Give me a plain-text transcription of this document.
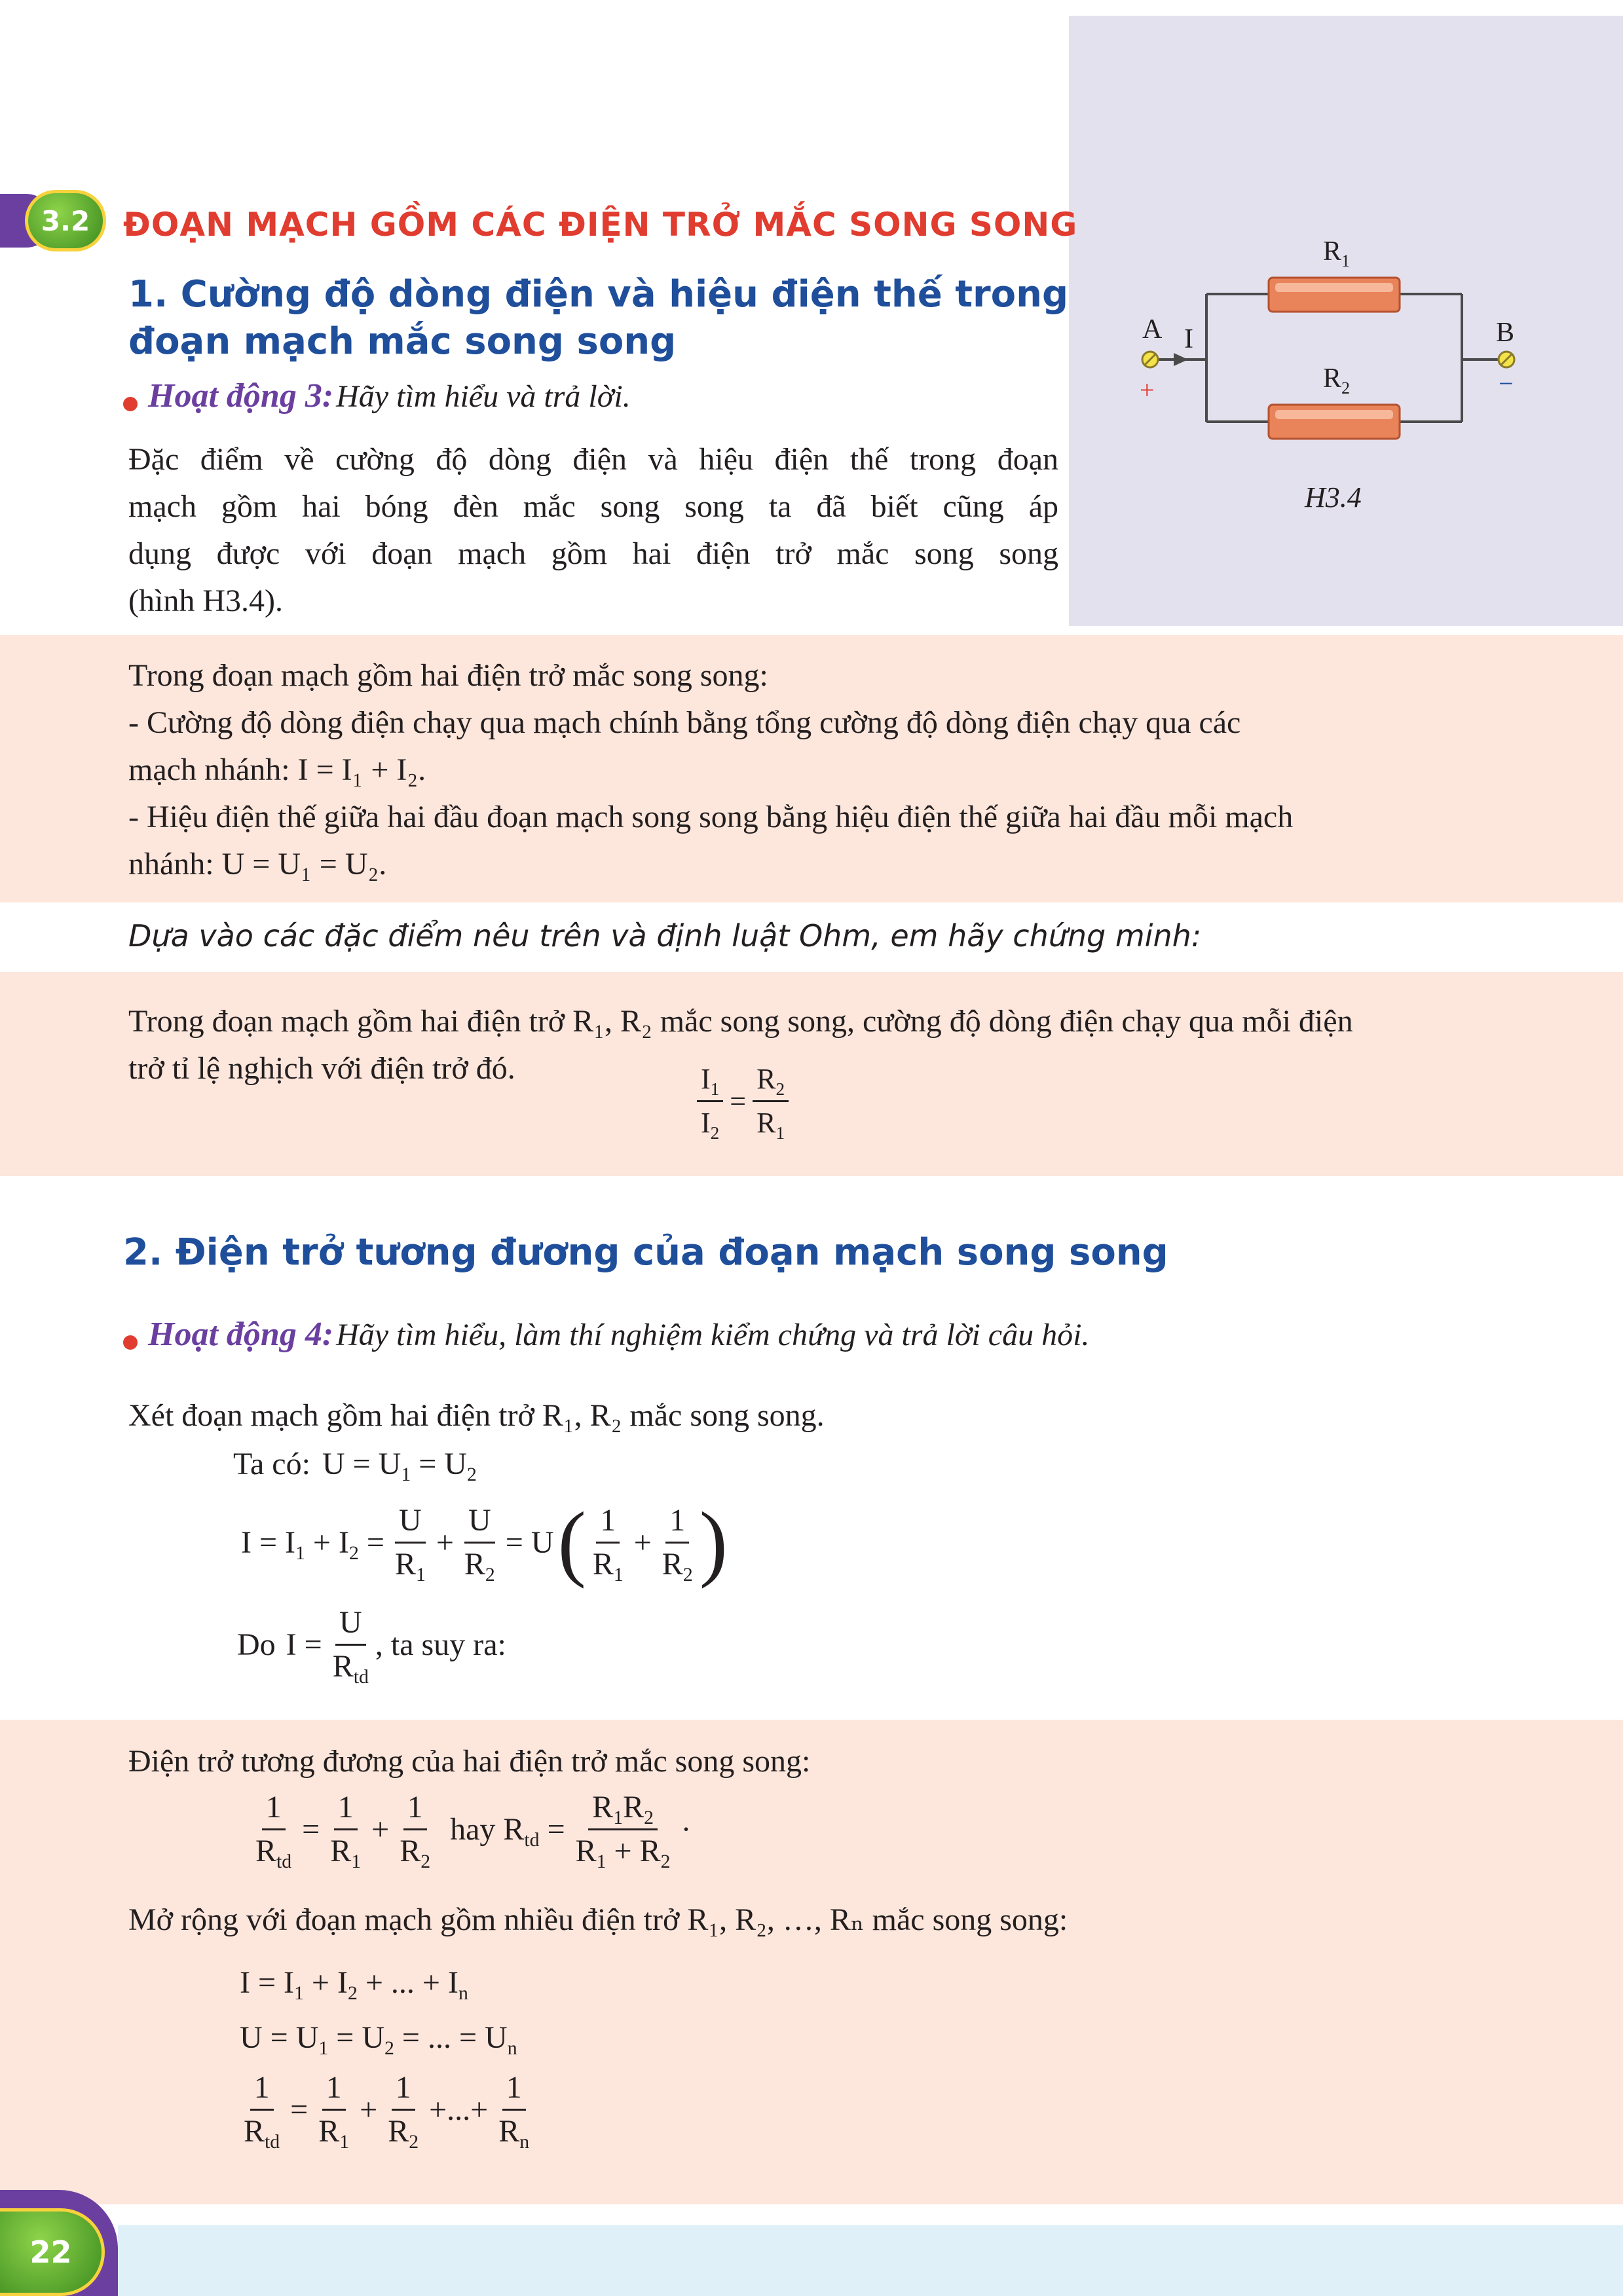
A I
+
B
−
$R_1$
$R_2$
H3.4
3.2 ĐOẠN MẠCH GỒM CÁC ĐIỆN TRỞ MẮC SONG SONG
1. Cường độ dòng điện và hiệu điện thế trong
đoạn mạch mắc song song
Hoạt động 3: Hãy tìm hiểu và trả lời.
Đặc điểm về cường độ dòng điện và hiệu điện thế trong đoạn
mạch gồm hai bóng đèn mắc song song ta đã biết cũng áp
dụng được với đoạn mạch gồm hai điện trở mắc song song
(hình H3.4).
Trong đoạn mạch gồm hai điện trở mắc song song:
- Cường độ dòng điện chạy qua mạch chính bằng tổng cường độ dòng điện chạy qua các
mạch nhánh: I = I₁ + I₂.
- Hiệu điện thế giữa hai đầu đoạn mạch song song bằng hiệu điện thế giữa hai đầu mỗi mạch
nhánh: U = U₁ = U₂.
Dựa vào các đặc điểm nêu trên và định luật Ohm, em hãy chứng minh:
Trong đoạn mạch gồm hai điện trở R₁, R₂ mắc song song, cường độ dòng điện chạy qua mỗi điện
trở tỉ lệ nghịch với điện trở đó.	$\frac{I_1}{I_2} = \frac{R_2}{R_1}$
2. Điện trở tương đương của đoạn mạch song song
Hoạt động 4: Hãy tìm hiểu, làm thí nghiệm kiểm chứng và trả lời câu hỏi.
Xét đoạn mạch gồm hai điện trở R₁, R₂ mắc song song.
Ta có: $U = U_1 = U_2$
$I = I_1 + I_2 = \frac{U}{R_1} + \frac{U}{R_2} = U$ ( $\frac{1}{R_1} + \frac{1}{R_2}$ )
Do $I = \frac{U}{R_{td}}$ , ta suy ra:
Điện trở tương đương của hai điện trở mắc song song:
$\frac{1}{R_{td}} = \frac{1}{R_1} + \frac{1}{R_2}$ hay $R_{td} = \frac{R_1R_2}{R_1 + R_2}$ ·
Mở rộng với đoạn mạch gồm nhiều điện trở R₁, R₂, …, Rₙ mắc song song:
$I = I_1 + I_2$ + ... + $I_n$
$U = U_1 = U_2$ = ... = $U_n$
$\frac{1}{R_{td}} = \frac{1}{R_1} + \frac{1}{R_2}$ +...+ $\frac{1}{R_n}$
22
